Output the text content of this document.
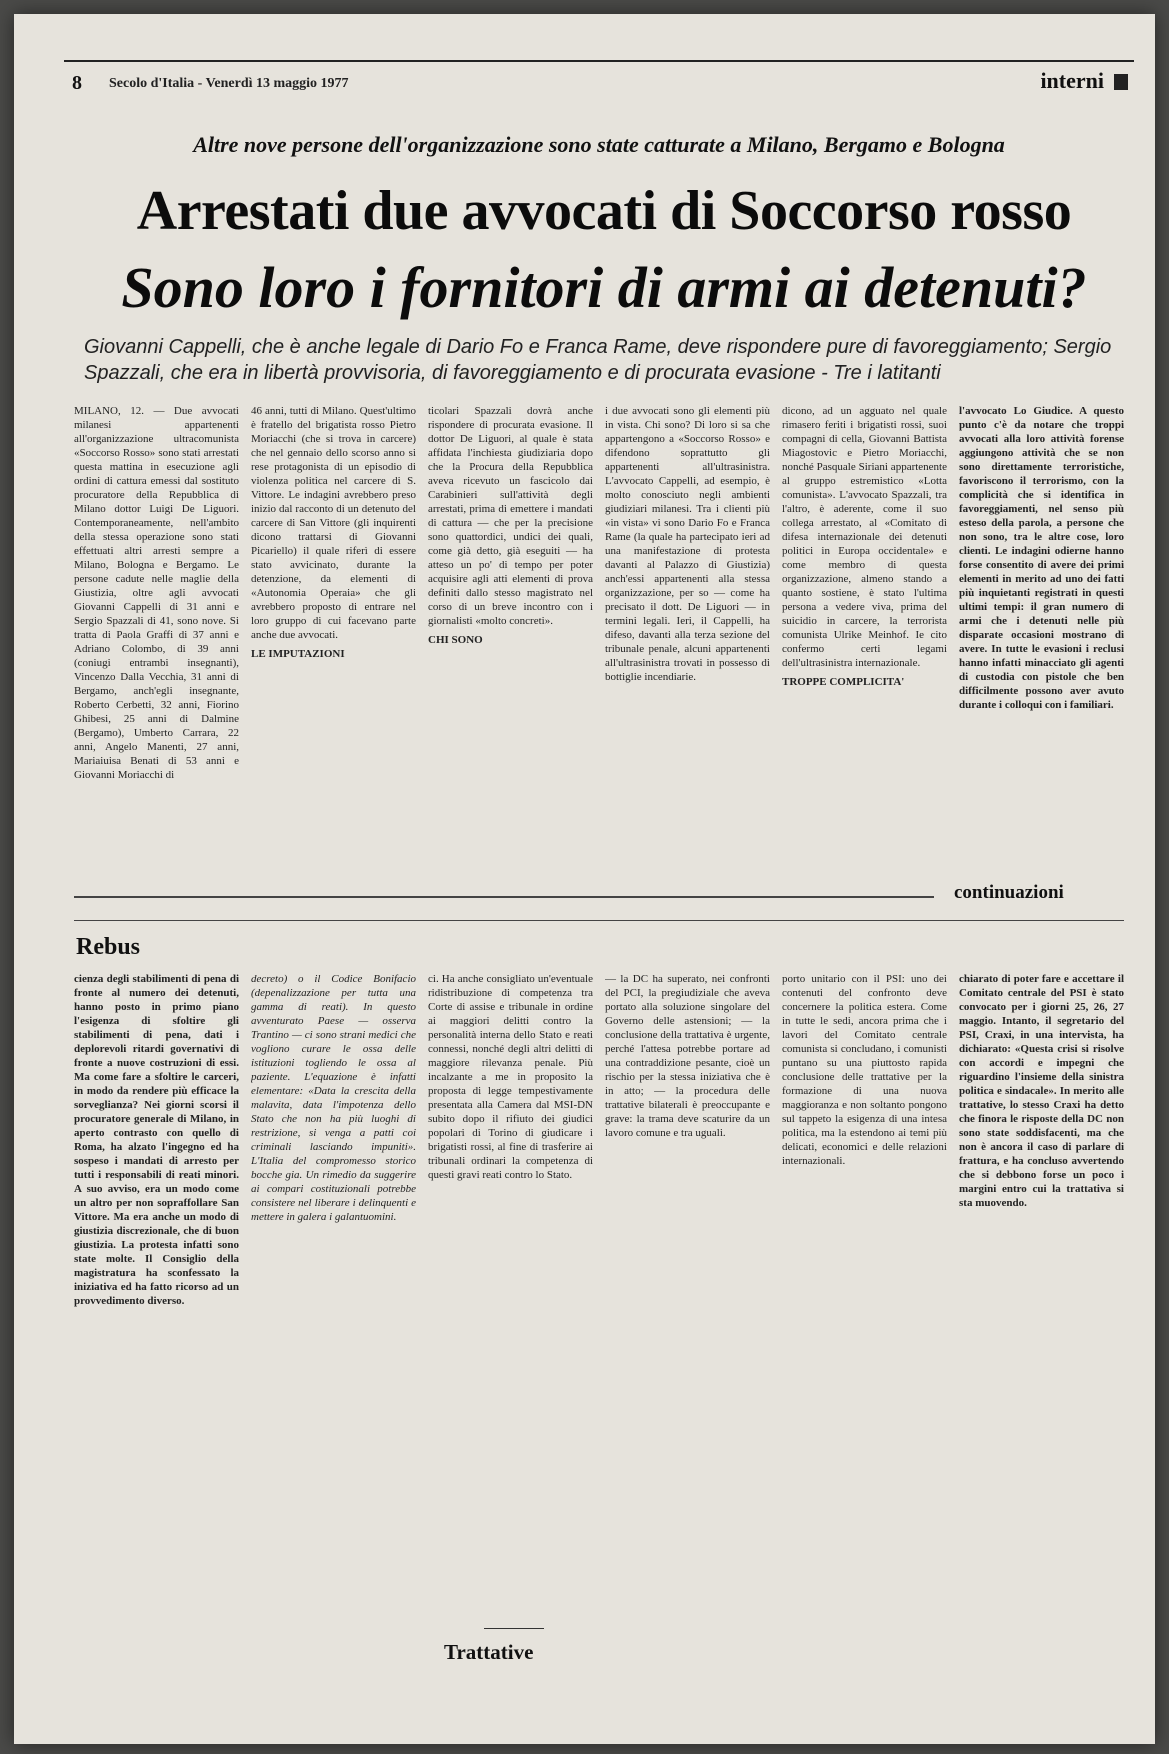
8 Secolo d'Italia - Venerdì 13 maggio 1977	interni
Altre nove persone dell'organizzazione sono state catturate a Milano, Bergamo e Bologna
Arrestati due avvocati di Soccorso rosso
Sono loro i fornitori di armi ai detenuti?
Giovanni Cappelli, che è anche legale di Dario Fo e Franca Rame, deve rispondere pure di favoreggiamento; Sergio Spazzali, che era in libertà provvisoria, di favoreggiamento e di procurata evasione - Tre i latitanti
MILANO, 12. — Due avvocati milanesi appartenenti all'organizzazione ultracomunista «Soccorso Rosso» sono stati arrestati questa mattina in esecuzione agli ordini di cattura emessi dal sostituto procuratore della Repubblica di Milano dottor Luigi De Liguori. Contemporaneamente, nell'ambito della stessa operazione sono stati effettuati altri arresti sempre a Milano, Bologna e Bergamo. Le persone cadute nelle maglie della Giustizia, oltre agli avvocati Giovanni Cappelli di 31 anni e Sergio Spazzali di 41, sono nove. Si tratta di Paola Graffi di 37 anni e Adriano Colombo, di 39 anni (coniugi entrambi insegnanti), Vincenzo Dalla Vecchia, 31 anni di Bergamo, anch'egli insegnante, Roberto Cerbetti, 32 anni, Fiorino Ghibesi, 25 anni di Dalmine (Bergamo), Umberto Carrara, 22 anni, Angelo Manenti, 27 anni, Mariaiuisa Benati di 53 anni e Giovanni Moriacchi di
46 anni, tutti di Milano. Quest'ultimo è fratello del brigatista rosso Pietro Moriacchi (che si trova in carcere) che nel gennaio dello scorso anno si rese protagonista di un episodio di violenza politica nel carcere di S. Vittore. Le indagini avrebbero preso inizio dal racconto di un detenuto del carcere di San Vittore (gli inquirenti dicono trattarsi di Giovanni Picariello) il quale riferì di essere stato avvicinato, durante la detenzione, da elementi di «Autonomia Operaia» che gli avrebbero proposto di entrare nel loro gruppo di cui facevano parte anche due avvocati.
LE IMPUTAZIONI
ticolari Spazzali dovrà anche rispondere di procurata evasione. Il dottor De Liguori, al quale è stata affidata l'inchiesta giudiziaria dopo che la Procura della Repubblica aveva ricevuto un fascicolo dai Carabinieri sull'attività degli arrestati, prima di emettere i mandati di cattura — che per la precisione sono quattordici, undici dei quali, come già detto, già eseguiti — ha atteso un po' di tempo per poter acquisire agli atti elementi di prova definiti dallo stesso magistrato nel corso di un breve incontro con i giornalisti «molto concreti».
CHI SONO
i due avvocati sono gli elementi più in vista. Chi sono? Di loro si sa che appartengono a «Soccorso Rosso» e difendono soprattutto gli appartenenti all'ultrasinistra. L'avvocato Cappelli, ad esempio, è molto conosciuto negli ambienti giudiziari milanesi. Tra i clienti più «in vista» vi sono Dario Fo e Franca Rame (la quale ha partecipato ieri ad una manifestazione di protesta davanti al Palazzo di Giustizia) anch'essi appartenenti alla stessa organizzazione, per so — come ha precisato il dott. De Liguori — in termini legali. Ieri, il Cappelli, ha difeso, davanti alla terza sezione del tribunale penale, alcuni appartenenti all'ultrasinistra trovati in possesso di bottiglie incendiarie.
dicono, ad un agguato nel quale rimasero feriti i brigatisti rossi, suoi compagni di cella, Giovanni Battista Miagostovic e Pietro Moriacchi, nonché Pasquale Siriani appartenente al gruppo estremistico «Lotta comunista». L'avvocato Spazzali, tra l'altro, è aderente, come il suo collega arrestato, al «Comitato di difesa internazionale dei detenuti politici in Europa occidentale» e come membro di questa organizzazione, almeno stando a quanto sostiene, è stato l'ultima persona a vedere viva, prima del suicidio in carcere, la terrorista comunista Ulrike Meinhof. Ie cito confermo certi legami dell'ultrasinistra internazionale.
TROPPE COMPLICITA'
l'avvocato Lo Giudice. A questo punto c'è da notare che troppi avvocati alla loro attività forense aggiungono attività che se non sono direttamente terroristiche, favoriscono il terrorismo, con la complicità che si identifica in favoreggiamenti, nel senso più esteso della parola, a persone che non sono, tra le altre cose, loro clienti. Le indagini odierne hanno forse consentito di avere dei primi elementi in merito ad uno dei fatti più inquietanti registrati in questi ultimi tempi: il gran numero di armi che i detenuti nelle più disparate occasioni mostrano di avere. In tutte le evasioni i reclusi hanno infatti minacciato gli agenti di custodia con pistole che ben difficilmente possono aver avuto durante i colloqui con i familiari.
continuazioni
Rebus
cienza degli stabilimenti di pena di fronte al numero dei detenuti, hanno posto in primo piano l'esigenza di sfoltire gli stabilimenti di pena, dati i deplorevoli ritardi governativi di fronte a nuove costruzioni di essi. Ma come fare a sfoltire le carceri, in modo da rendere più efficace la sorveglianza? Nei giorni scorsi il procuratore generale di Milano, in aperto contrasto con quello di Roma, ha alzato l'ingegno ed ha sospeso i mandati di arresto per tutti i responsabili di reati minori. A suo avviso, era un modo come un altro per non sopraffollare San Vittore. Ma era anche un modo di giustizia discrezionale, che di buon giustizia. La protesta infatti sono state molte. Il Consiglio della magistratura ha sconfessato la iniziativa ed ha fatto ricorso ad un provvedimento diverso.
decreto) o il Codice Bonifacio (depenalizzazione per tutta una gamma di reati). In questo avventurato Paese — osserva Trantino — ci sono strani medici che vogliono curare le ossa delle istituzioni togliendo le ossa al paziente. L'equazione è infatti elementare: «Data la crescita della malavita, data l'impotenza dello Stato che non ha più luoghi di restrizione, si venga a patti coi criminali lasciando impuniti». L'Italia del compromesso storico bocche gia. Un rimedio da suggerire ai compari costituzionali potrebbe consistere nel liberare i delinquenti e mettere in galera i galantuomini.
ci. Ha anche consigliato un'eventuale ridistribuzione di competenza tra Corte di assise e tribunale in ordine ai maggiori delitti contro la personalità interna dello Stato e reati connessi, nonché degli altri delitti di maggiore rilevanza penale. Più incalzante a me in proposito la proposta di legge tempestivamente presentata alla Camera dal MSI-DN subito dopo il rifiuto dei giudici popolari di Torino di giudicare i brigatisti rossi, al fine di trasferire ai tribunali ordinari la competenza di questi gravi reati contro lo Stato.
— la DC ha superato, nei confronti del PCI, la pregiudiziale che aveva portato alla soluzione singolare del Governo delle astensioni; — la conclusione della trattativa è urgente, perché l'attesa potrebbe portare ad una contraddizione pesante, cioè un rischio per la stessa iniziativa che è in atto; — la procedura delle trattative bilaterali è preoccupante e grave: la trama deve scaturire da un lavoro comune e tra uguali.
porto unitario con il PSI: uno dei contenuti del confronto deve concernere la politica estera. Come in tutte le sedi, ancora prima che i lavori del Comitato centrale comunista si concludano, i comunisti puntano su una piuttosto rapida conclusione delle trattative per la formazione di una nuova maggioranza e non soltanto pongono sul tappeto la esigenza di una intesa politica, ma la estendono ai temi più delicati, economici e delle relazioni internazionali.
chiarato di poter fare e accettare il Comitato centrale del PSI è stato convocato per i giorni 25, 26, 27 maggio. Intanto, il segretario del PSI, Craxi, in una intervista, ha dichiarato: «Questa crisi si risolve con accordi e impegni che riguardino l'insieme della sinistra politica e sindacale». In merito alle trattative, lo stesso Craxi ha detto che finora le risposte della DC non sono state soddisfacenti, ma che non è ancora il caso di parlare di frattura, e ha concluso avvertendo che si debbono forse un poco i margini entro cui la trattativa si sta muovendo.
Trattative
